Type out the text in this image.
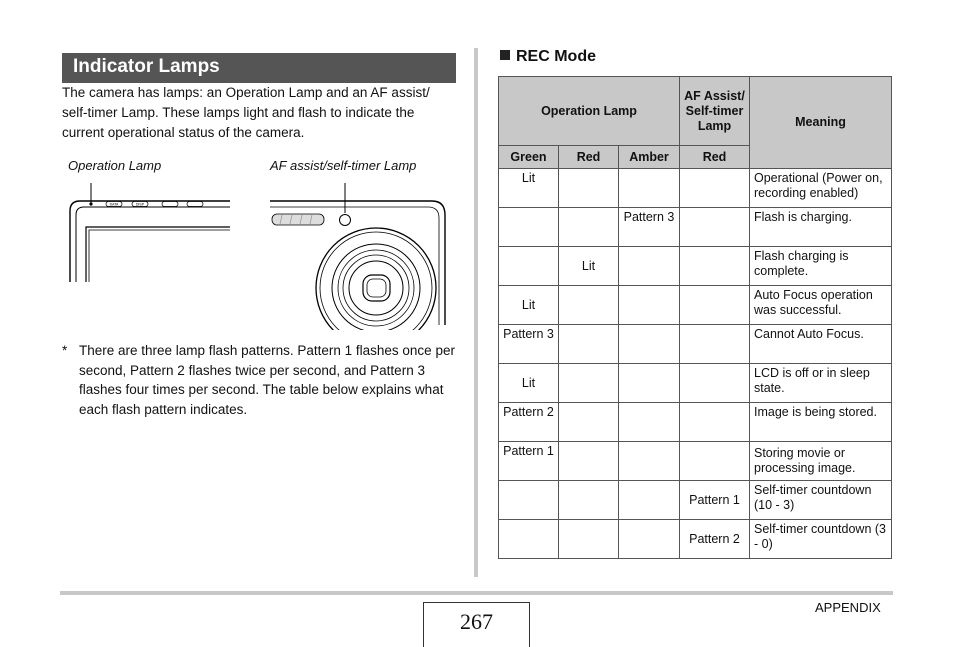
Indicator Lamps
The camera has lamps: an Operation Lamp and an AF assist/ self-timer Lamp. These lamps light and flash to indicate the current operational status of the camera.
Operation Lamp	AF assist/self-timer Lamp
DATA	DISP
* There are three lamp flash patterns. Pattern 1 flashes once per second, Pattern 2 flashes twice per second, and Pattern 3 flashes four times per second. The table below explains what each flash pattern indicates.
REC Mode
Operation Lamp			AF Assist/ Self-timer Lamp	Meaning
Green	Red	Amber	Red	
Lit				Operational (Power on, recording enabled)
		Pattern 3		Flash is charging.
	Lit			Flash charging is complete.
Lit				Auto Focus operation was successful.
Pattern 3				Cannot Auto Focus.
Lit				LCD is off or in sleep state.
Pattern 2				Image is being stored.
Pattern 1				Storing movie or processing image.
			Pattern 1	Self-timer countdown (10 - 3)
			Pattern 2	Self-timer countdown (3 - 0)
APPENDIX
267
